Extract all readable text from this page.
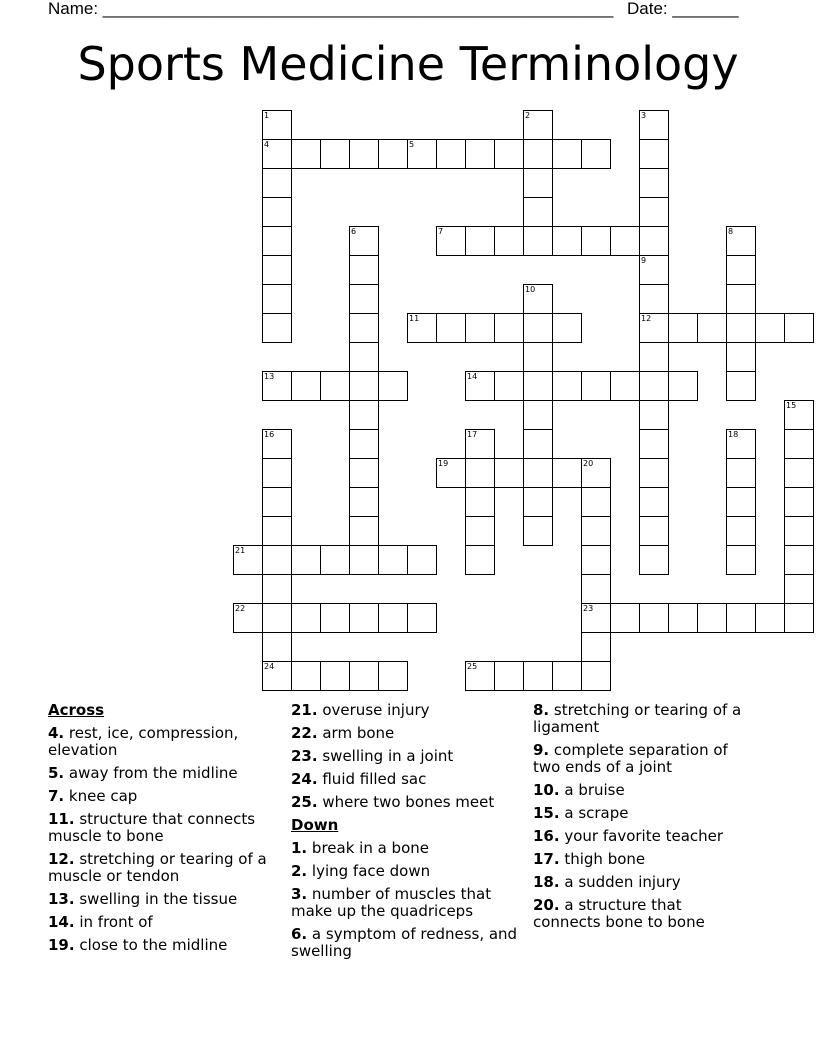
Name: ______________________________________________________ Date: _______
Sports Medicine Terminology
1
4
2	3
5
6	7	8
9
12
10
11
13	14
15
16
24
17	18
19	20
23
21
22
25
Across
4. rest, ice, compression, elevation
5. away from the midline
7. knee cap
11. structure that connects muscle to bone
12. stretching or tearing of a muscle or tendon
13. swelling in the tissue
14. in front of
19. close to the midline
21. overuse injury
22. arm bone
23. swelling in a joint
24. fluid filled sac
25. where two bones meet
Down
1. break in a bone
2. lying face down
3. number of muscles that make up the quadriceps
6. a symptom of redness, and swelling
8. stretching or tearing of a ligament
9. complete separation of two ends of a joint
10. a bruise
15. a scrape
16. your favorite teacher
17. thigh bone
18. a sudden injury
20. a structure that connects bone to bone
